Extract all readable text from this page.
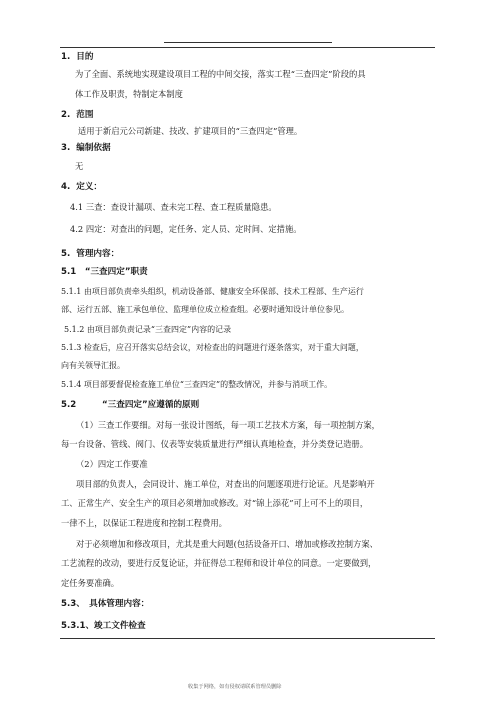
1. 目的
为了全面、系统地实现建设项目工程的中间交接，落实工程“三查四定”阶段的具
体工作及职责，特制定本制度
2. 范围
适用于新启元公司新建、技改、扩建项目的“三查四定”管理。
3. 编制依据
无
4. 定义：
4.1 三查：查设计漏项、查未完工程、查工程质量隐患。
4.2 四定：对查出的问题，定任务、定人员、定时间、定措施。
5. 管理内容：
5.1　“三查四定”职责
5.1.1 由项目部负责牵头组织，机动设备部、健康安全环保部、技术工程部、生产运行
部、运行五部、施工承包单位、监理单位成立检查组。必要时通知设计单位参见。
5.1.2 由项目部负责记录“三查四定”内容的记录
5.1.3 检查后，应召开落实总结会议，对检查出的问题进行逐条落实，对于重大问题，
向有关领导汇报。
5.1.4 项目部要督促检查施工单位“三查四定”的整改情况，并参与消项工作。
5.2　　　“三查四定”应遵循的原则
（1）三查工作要细。对每一张设计图纸，每一项工艺技术方案，每一项控制方案，
每一台设备、管线、阀门、仪表等安装质量进行严细认真地检查，并分类登记造册。
（2）四定工作要准
项目部的负责人，会同设计、施工单位，对查出的问题逐项进行论证。凡是影响开
工、正常生产、安全生产的项目必须增加或修改。对“锦上添花”可上可不上的项目，
一律不上，以保证工程进度和控制工程费用。
对于必须增加和修改项目，尤其是重大问题(包括设备开口、增加或修改控制方案、
工艺流程的改动，要进行反复论证，并征得总工程师和设计单位的同意。一定要做到，
定任务要准确。
5.3、　具体管理内容：
5.3.1、竣工文件检查
收集于网络，如有侵权请联系管理员删除
